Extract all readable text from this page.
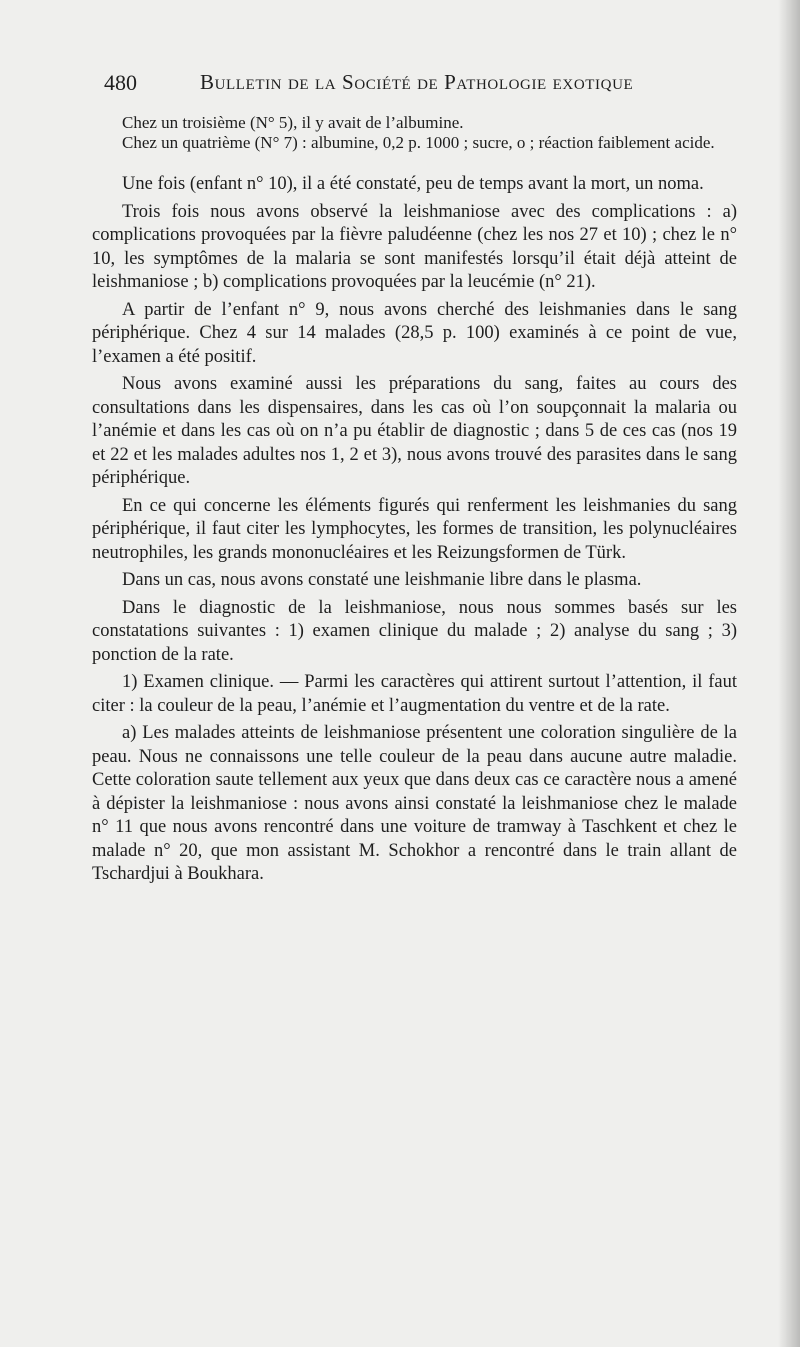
480	Bulletin de la Société de Pathologie exotique

Chez un troisième (N° 5), il y avait de l’albumine.

Chez un quatrième (N° 7) : albumine, 0,2 p. 1000 ; sucre, o ; réaction faiblement acide.

Une fois (enfant n° 10), il a été constaté, peu de temps avant la mort, un noma.

Trois fois nous avons observé la leishmaniose avec des complications : a) complications provoquées par la fièvre paludéenne (chez les nos 27 et 10) ; chez le n° 10, les symptômes de la malaria se sont manifestés lorsqu’il était déjà atteint de leishmaniose ; b) complications provoquées par la leucémie (n° 21).

A partir de l’enfant n° 9, nous avons cherché des leishmanies dans le sang périphérique. Chez 4 sur 14 malades (28,5 p. 100) examinés à ce point de vue, l’examen a été positif.

Nous avons examiné aussi les préparations du sang, faites au cours des consultations dans les dispensaires, dans les cas où l’on soupçonnait la malaria ou l’anémie et dans les cas où on n’a pu établir de diagnostic ; dans 5 de ces cas (nos 19 et 22 et les malades adultes nos 1, 2 et 3), nous avons trouvé des parasites dans le sang périphérique.

En ce qui concerne les éléments figurés qui renferment les leishmanies du sang périphérique, il faut citer les lymphocytes, les formes de transition, les polynucléaires neutrophiles, les grands mononucléaires et les Reizungsformen de Türk.

Dans un cas, nous avons constaté une leishmanie libre dans le plasma.

Dans le diagnostic de la leishmaniose, nous nous sommes basés sur les constatations suivantes : 1) examen clinique du malade ; 2) analyse du sang ; 3) ponction de la rate.

1) Examen clinique. — Parmi les caractères qui attirent surtout l’attention, il faut citer : la couleur de la peau, l’anémie et l’augmentation du ventre et de la rate.

a) Les malades atteints de leishmaniose présentent une coloration singulière de la peau. Nous ne connaissons une telle couleur de la peau dans aucune autre maladie. Cette coloration saute tellement aux yeux que dans deux cas ce caractère nous a amené à dépister la leishmaniose : nous avons ainsi constaté la leishmaniose chez le malade n° 11 que nous avons rencontré dans une voiture de tramway à Taschkent et chez le malade n° 20, que mon assistant M. Schokhor a rencontré dans le train allant de Tschardjui à Boukhara.
